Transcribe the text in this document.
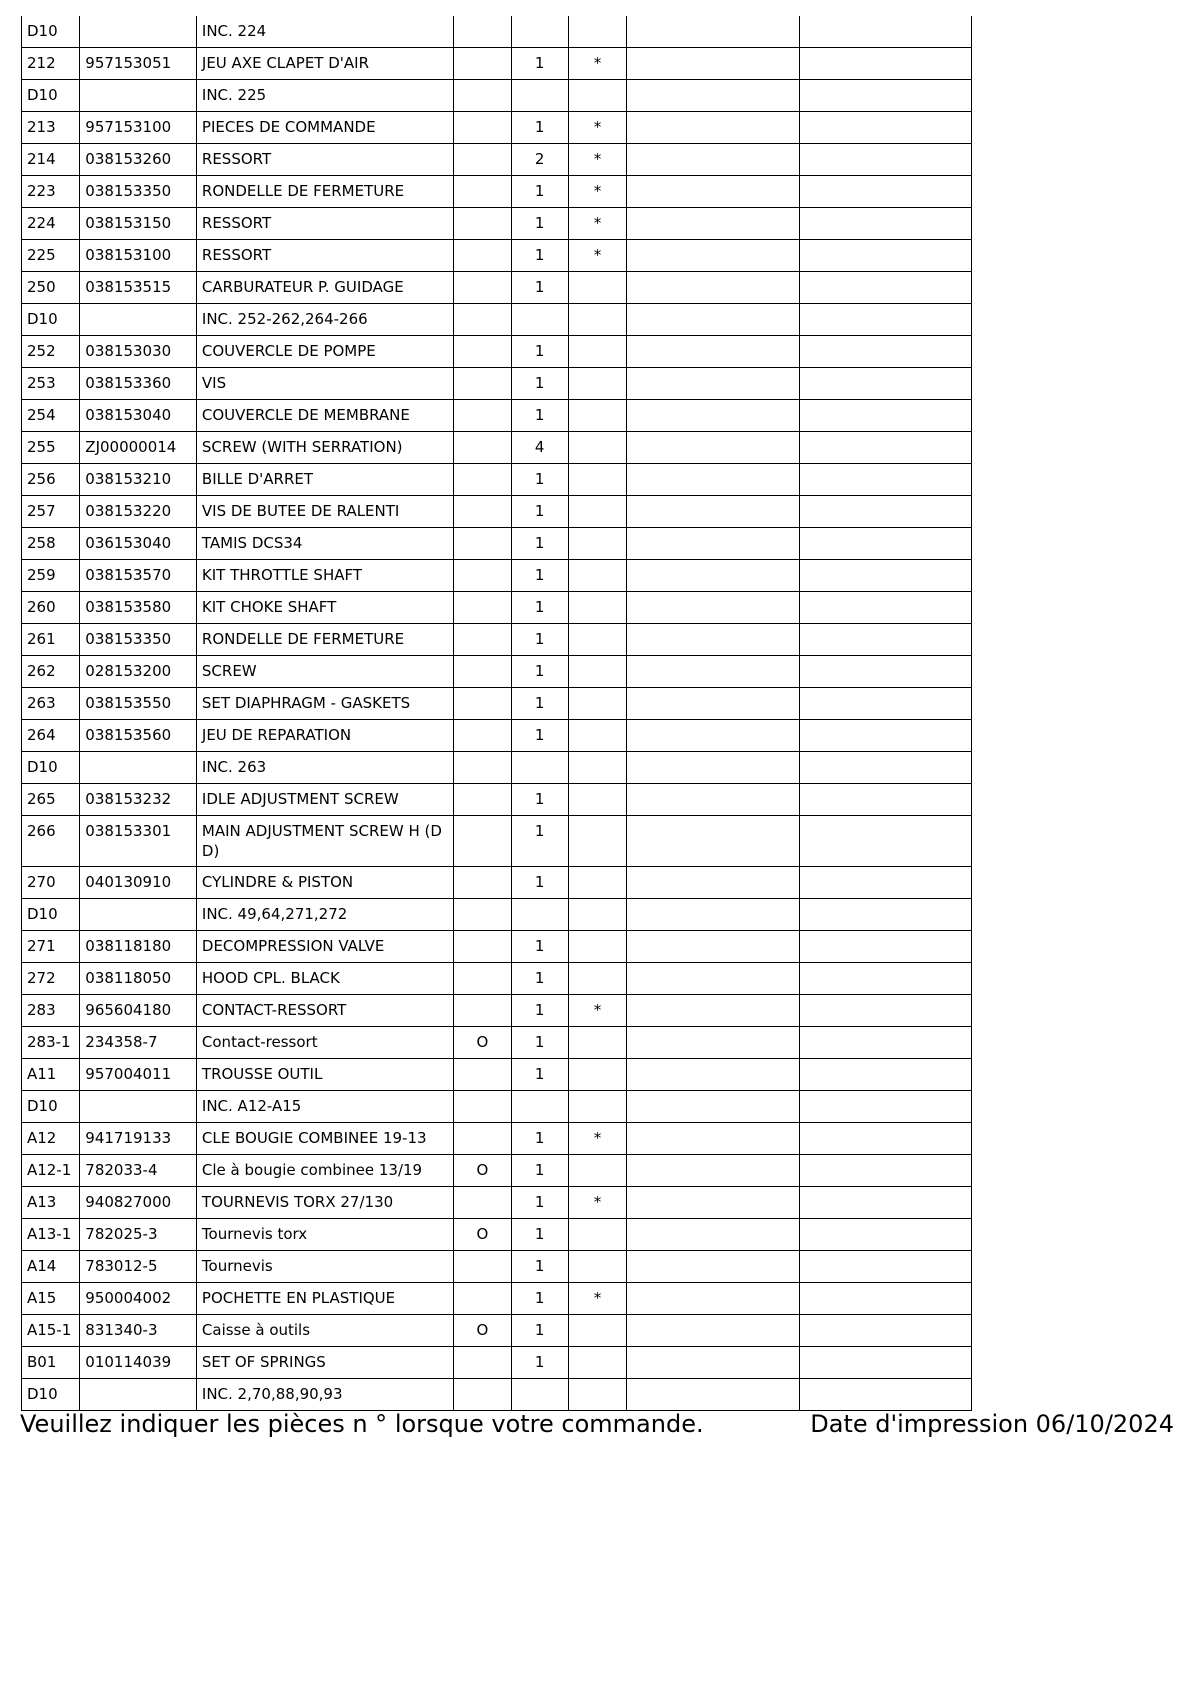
D10		INC. 224					
212	957153051	JEU AXE CLAPET D'AIR		1	*		
D10		INC. 225					
213	957153100	PIECES DE COMMANDE		1	*		
214	038153260	RESSORT		2	*		
223	038153350	RONDELLE DE FERMETURE		1	*		
224	038153150	RESSORT		1	*		
225	038153100	RESSORT		1	*		
250	038153515	CARBURATEUR P. GUIDAGE		1			
D10		INC. 252-262,264-266					
252	038153030	COUVERCLE DE POMPE		1			
253	038153360	VIS		1			
254	038153040	COUVERCLE DE MEMBRANE		1			
255	ZJ00000014	SCREW (WITH SERRATION)		4			
256	038153210	BILLE D'ARRET		1			
257	038153220	VIS DE BUTEE DE RALENTI		1			
258	036153040	TAMIS DCS34		1			
259	038153570	KIT THROTTLE SHAFT		1			
260	038153580	KIT CHOKE SHAFT		1			
261	038153350	RONDELLE DE FERMETURE		1			
262	028153200	SCREW		1			
263	038153550	SET DIAPHRAGM - GASKETS		1			
264	038153560	JEU DE REPARATION		1			
D10		INC. 263					
265	038153232	IDLE ADJUSTMENT SCREW		1			
266	038153301	MAIN ADJUSTMENT SCREW H (D D)		1			
270	040130910	CYLINDRE & PISTON		1			
D10		INC. 49,64,271,272					
271	038118180	DECOMPRESSION VALVE		1			
272	038118050	HOOD CPL. BLACK		1			
283	965604180	CONTACT-RESSORT		1	*		
283-1	234358-7	Contact-ressort	O	1			
A11	957004011	TROUSSE OUTIL		1			
D10		INC. A12-A15					
A12	941719133	CLE BOUGIE COMBINEE 19-13		1	*		
A12-1	782033-4	Cle à bougie combinee 13/19	O	1			
A13	940827000	TOURNEVIS TORX 27/130		1	*		
A13-1	782025-3	Tournevis torx	O	1			
A14	783012-5	Tournevis		1			
A15	950004002	POCHETTE EN PLASTIQUE		1	*		
A15-1	831340-3	Caisse à outils	O	1			
B01	010114039	SET OF SPRINGS		1			
D10		INC. 2,70,88,90,93					
Veuillez indiquer les pièces n ° lorsque votre commande.	Date d'impression 06/10/2024
